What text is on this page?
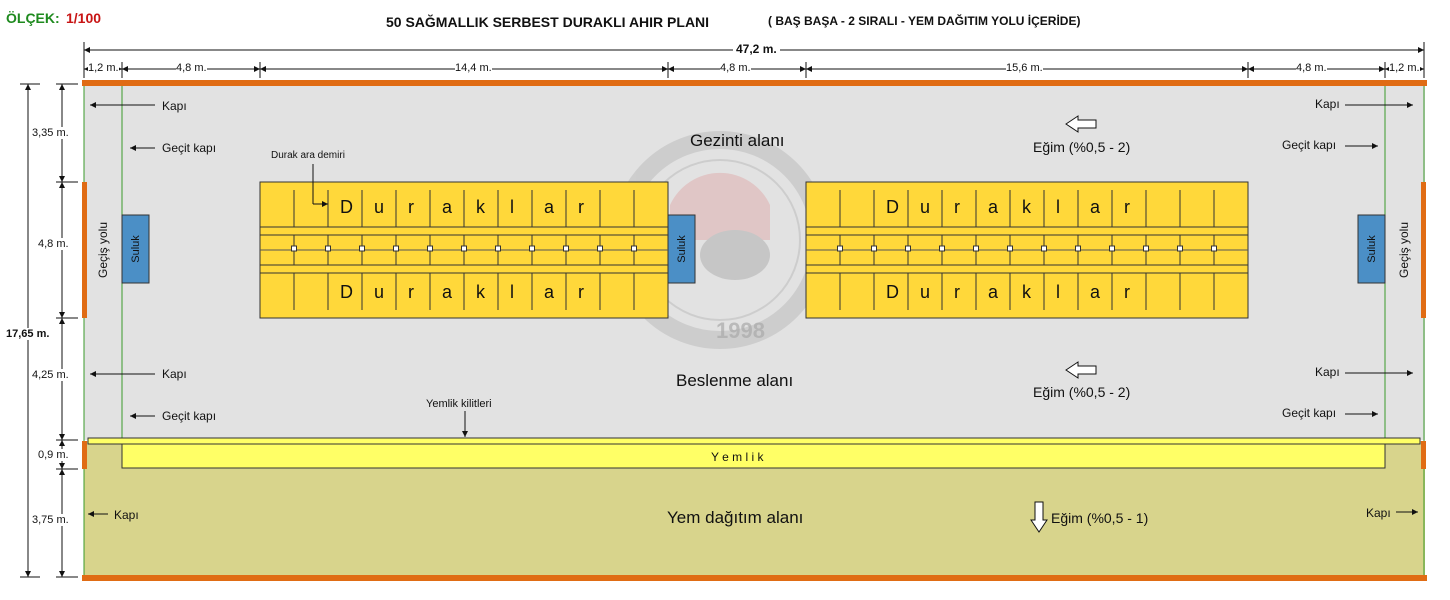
ÖLÇEK: 1/100	50 SAĞMALLIK SERBEST DURAKLI AHIR PLANI	( BAŞ BAŞA - 2 SIRALI - YEM DAĞITIM YOLU İÇERİDE)
47,2 m.
1,2 m.	4,8 m.	14,4 m.	4,8 m.	15,6 m.	4,8 m.	1,2 m.
3,35 m.
4,8 m.
17,65 m.
4,25 m.
0,9 m.
3,75 m.
Kapı
Geçit kapı
Kapı
Geçit kapı
Kapı
Kapı
Geçit kapı
Kapı
Geçit kapı
Kapı
Durak ara demiri
Yemlik kilitleri
Gezinti alanı
Beslenme alanı
Yem dağıtım alanı
Y e m l i k
Eğim (%0,5 - 2)
Eğim (%0,5 - 2)
Eğim (%0,5 - 1)
Geçiş yolu	Geçiş yolu
Suluk	Suluk	Suluk
1998
D u r a k l a r
D u r a k l a r
D u r a k l a r
D u r a k l a r
